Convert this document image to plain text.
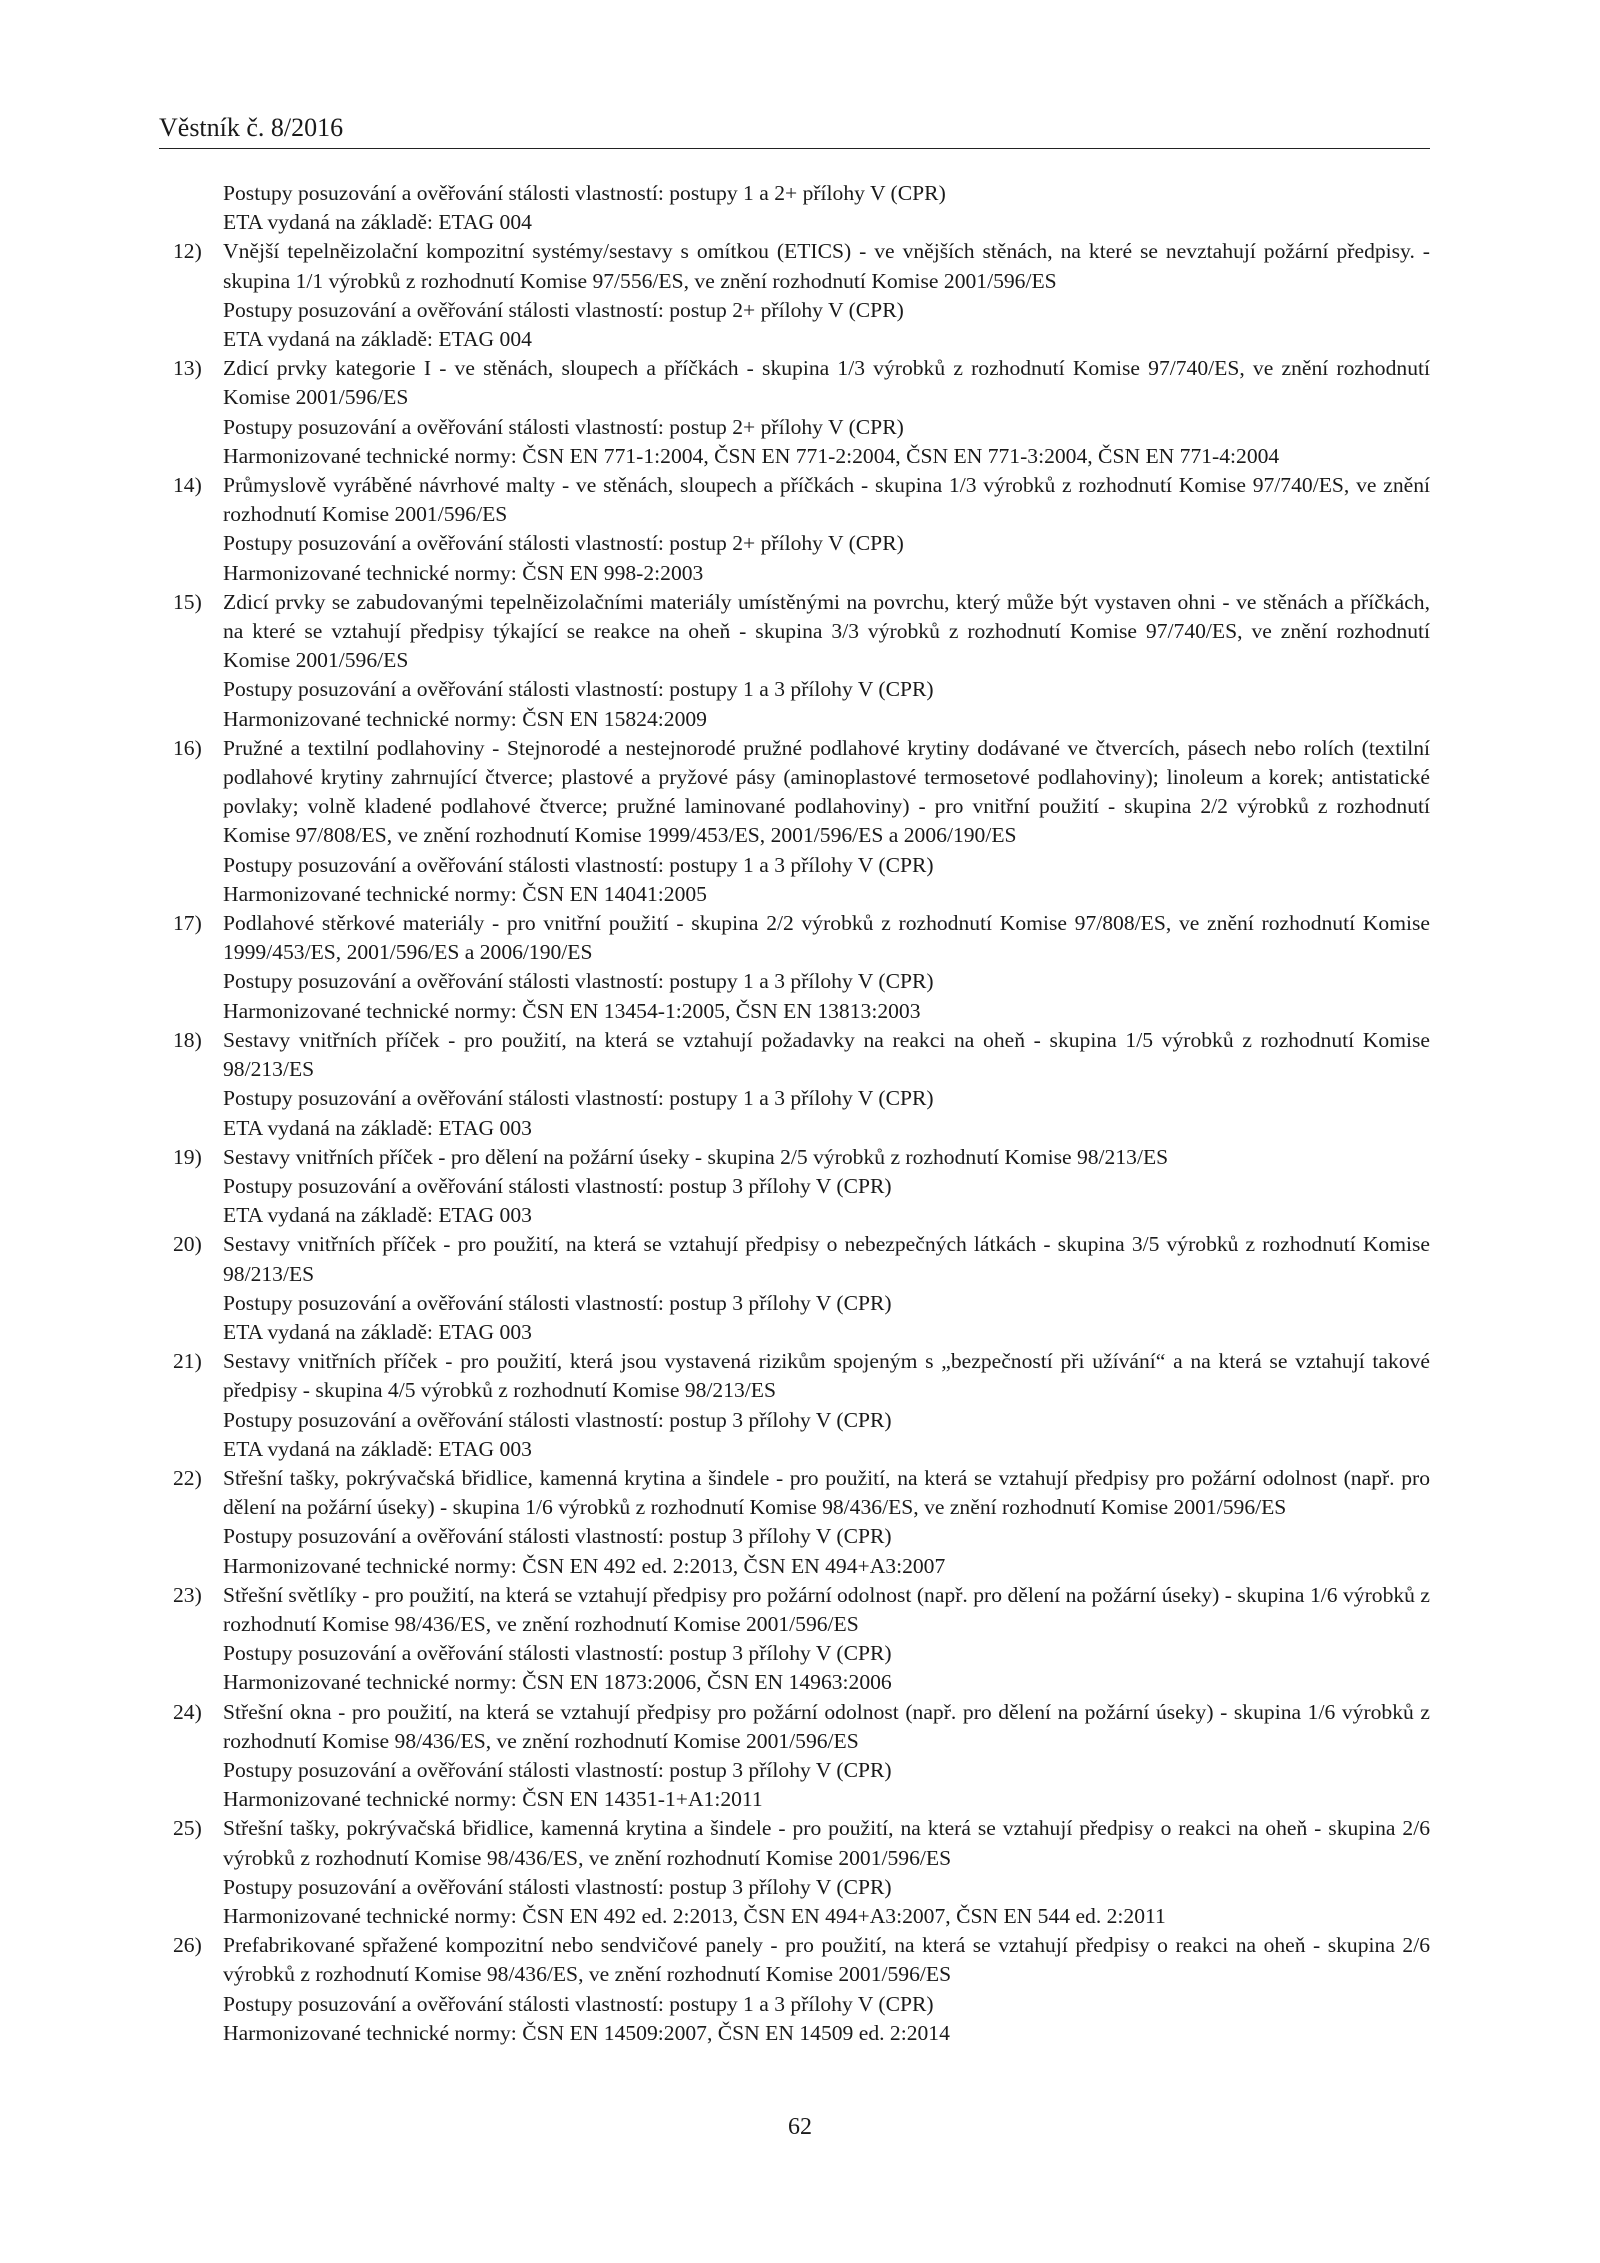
Věstník č. 8/2016
Postupy posuzování a ověřování stálosti vlastností: postupy 1 a 2+ přílohy V (CPR)
ETA vydaná na základě: ETAG 004
12) Vnější tepelněizolační kompozitní systémy/sestavy s omítkou (ETICS) - ve vnějších stěnách, na které se nevztahují požární předpisy. - skupina 1/1 výrobků z rozhodnutí Komise 97/556/ES, ve znění rozhodnutí Komise 2001/596/ES
Postupy posuzování a ověřování stálosti vlastností: postup 2+ přílohy V (CPR)
ETA vydaná na základě: ETAG 004
13) Zdicí prvky kategorie I - ve stěnách, sloupech a příčkách - skupina 1/3 výrobků z rozhodnutí Komise 97/740/ES, ve znění rozhodnutí Komise 2001/596/ES
Postupy posuzování a ověřování stálosti vlastností: postup 2+ přílohy V (CPR)
Harmonizované technické normy: ČSN EN 771-1:2004, ČSN EN 771-2:2004, ČSN EN 771-3:2004, ČSN EN 771-4:2004
14) Průmyslově vyráběné návrhové malty - ve stěnách, sloupech a příčkách - skupina 1/3 výrobků z rozhodnutí Komise 97/740/ES, ve znění rozhodnutí Komise 2001/596/ES
Postupy posuzování a ověřování stálosti vlastností: postup 2+ přílohy V (CPR)
Harmonizované technické normy: ČSN EN 998-2:2003
15) Zdicí prvky se zabudovanými tepelněizolačními materiály umístěnými na povrchu, který může být vystaven ohni - ve stěnách a příčkách, na které se vztahují předpisy týkající se reakce na oheň - skupina 3/3 výrobků z rozhodnutí Komise 97/740/ES, ve znění rozhodnutí Komise 2001/596/ES
Postupy posuzování a ověřování stálosti vlastností: postupy 1 a 3 přílohy V (CPR)
Harmonizované technické normy: ČSN EN 15824:2009
16) Pružné a textilní podlahoviny - Stejnorodé a nestejnorodé pružné podlahové krytiny dodávané ve čtvercích, pásech nebo rolích (textilní podlahové krytiny zahrnující čtverce; plastové a pryžové pásy (aminoplastové termosetové podlahoviny); linoleum a korek; antistatické povlaky; volně kladené podlahové čtverce; pružné laminované podlahoviny) - pro vnitřní použití - skupina 2/2 výrobků z rozhodnutí Komise 97/808/ES, ve znění rozhodnutí Komise 1999/453/ES, 2001/596/ES a 2006/190/ES
Postupy posuzování a ověřování stálosti vlastností: postupy 1 a 3 přílohy V (CPR)
Harmonizované technické normy: ČSN EN 14041:2005
17) Podlahové stěrkové materiály - pro vnitřní použití - skupina 2/2 výrobků z rozhodnutí Komise 97/808/ES, ve znění rozhodnutí Komise 1999/453/ES, 2001/596/ES a 2006/190/ES
Postupy posuzování a ověřování stálosti vlastností: postupy 1 a 3 přílohy V (CPR)
Harmonizované technické normy: ČSN EN 13454-1:2005, ČSN EN 13813:2003
18) Sestavy vnitřních příček - pro použití, na která se vztahují požadavky na reakci na oheň - skupina 1/5 výrobků z rozhodnutí Komise 98/213/ES
Postupy posuzování a ověřování stálosti vlastností: postupy 1 a 3 přílohy V (CPR)
ETA vydaná na základě: ETAG 003
19) Sestavy vnitřních příček - pro dělení na požární úseky - skupina 2/5 výrobků z rozhodnutí Komise 98/213/ES
Postupy posuzování a ověřování stálosti vlastností: postup 3 přílohy V (CPR)
ETA vydaná na základě: ETAG 003
20) Sestavy vnitřních příček - pro použití, na která se vztahují předpisy o nebezpečných látkách - skupina 3/5 výrobků z rozhodnutí Komise 98/213/ES
Postupy posuzování a ověřování stálosti vlastností: postup 3 přílohy V (CPR)
ETA vydaná na základě: ETAG 003
21) Sestavy vnitřních příček - pro použití, která jsou vystavená rizikům spojeným s „bezpečností při užívání“ a na která se vztahují takové předpisy - skupina 4/5 výrobků z rozhodnutí Komise 98/213/ES
Postupy posuzování a ověřování stálosti vlastností: postup 3 přílohy V (CPR)
ETA vydaná na základě: ETAG 003
22) Střešní tašky, pokrývačská břidlice, kamenná krytina a šindele - pro použití, na která se vztahují předpisy pro požární odolnost (např. pro dělení na požární úseky) - skupina 1/6 výrobků z rozhodnutí Komise 98/436/ES, ve znění rozhodnutí Komise 2001/596/ES
Postupy posuzování a ověřování stálosti vlastností: postup 3 přílohy V (CPR)
Harmonizované technické normy: ČSN EN 492 ed. 2:2013, ČSN EN 494+A3:2007
23) Střešní světlíky - pro použití, na která se vztahují předpisy pro požární odolnost (např. pro dělení na požární úseky) - skupina 1/6 výrobků z rozhodnutí Komise 98/436/ES, ve znění rozhodnutí Komise 2001/596/ES
Postupy posuzování a ověřování stálosti vlastností: postup 3 přílohy V (CPR)
Harmonizované technické normy: ČSN EN 1873:2006, ČSN EN 14963:2006
24) Střešní okna - pro použití, na která se vztahují předpisy pro požární odolnost (např. pro dělení na požární úseky) - skupina 1/6 výrobků z rozhodnutí Komise 98/436/ES, ve znění rozhodnutí Komise 2001/596/ES
Postupy posuzování a ověřování stálosti vlastností: postup 3 přílohy V (CPR)
Harmonizované technické normy: ČSN EN 14351-1+A1:2011
25) Střešní tašky, pokrývačská břidlice, kamenná krytina a šindele - pro použití, na která se vztahují předpisy o reakci na oheň - skupina 2/6 výrobků z rozhodnutí Komise 98/436/ES, ve znění rozhodnutí Komise 2001/596/ES
Postupy posuzování a ověřování stálosti vlastností: postup 3 přílohy V (CPR)
Harmonizované technické normy: ČSN EN 492 ed. 2:2013, ČSN EN 494+A3:2007, ČSN EN 544 ed. 2:2011
26) Prefabrikované spřažené kompozitní nebo sendvičové panely - pro použití, na která se vztahují předpisy o reakci na oheň - skupina 2/6 výrobků z rozhodnutí Komise 98/436/ES, ve znění rozhodnutí Komise 2001/596/ES
Postupy posuzování a ověřování stálosti vlastností: postupy 1 a 3 přílohy V (CPR)
Harmonizované technické normy: ČSN EN 14509:2007, ČSN EN 14509 ed. 2:2014
62
